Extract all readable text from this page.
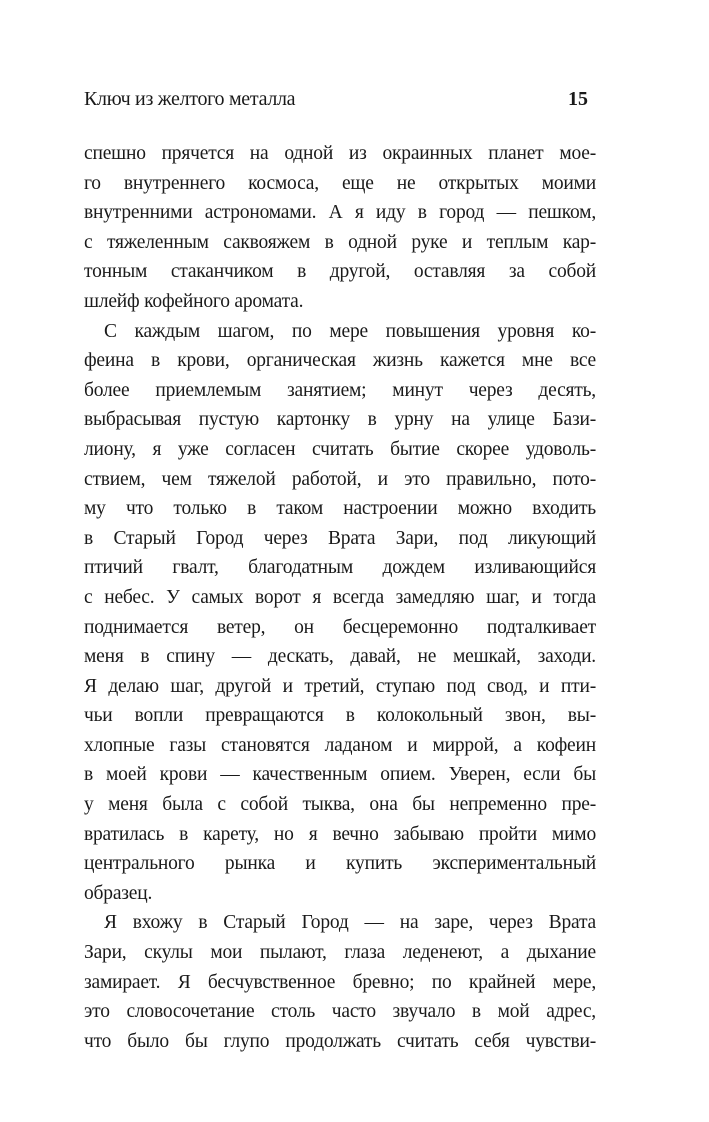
Ключ из желтого металла	15
спешно прячется на одной из окраинных планет мое-
го внутреннего космоса, еще не открытых моими
внутренними астрономами. А я иду в город — пешком,
с тяжеленным саквояжем в одной руке и теплым кар-
тонным стаканчиком в другой, оставляя за собой
шлейф кофейного аромата.
С каждым шагом, по мере повышения уровня ко-
феина в крови, органическая жизнь кажется мне все
более приемлемым занятием; минут через десять,
выбрасывая пустую картонку в урну на улице Бази-
лиону, я уже согласен считать бытие скорее удоволь-
ствием, чем тяжелой работой, и это правильно, пото-
му что только в таком настроении можно входить
в Старый Город через Врата Зари, под ликующий
птичий гвалт, благодатным дождем изливающийся
с небес. У самых ворот я всегда замедляю шаг, и тогда
поднимается ветер, он бесцеремонно подталкивает
меня в спину — дескать, давай, не мешкай, заходи.
Я делаю шаг, другой и третий, ступаю под свод, и пти-
чьи вопли превращаются в колокольный звон, вы-
хлопные газы становятся ладаном и миррой, а кофеин
в моей крови — качественным опием. Уверен, если бы
у меня была с собой тыква, она бы непременно пре-
вратилась в карету, но я вечно забываю пройти мимо
центрального рынка и купить экспериментальный
образец.
Я вхожу в Старый Город — на заре, через Врата
Зари, скулы мои пылают, глаза леденеют, а дыхание
замирает. Я бесчувственное бревно; по крайней мере,
это словосочетание столь часто звучало в мой адрес,
что было бы глупо продолжать считать себя чувстви-
